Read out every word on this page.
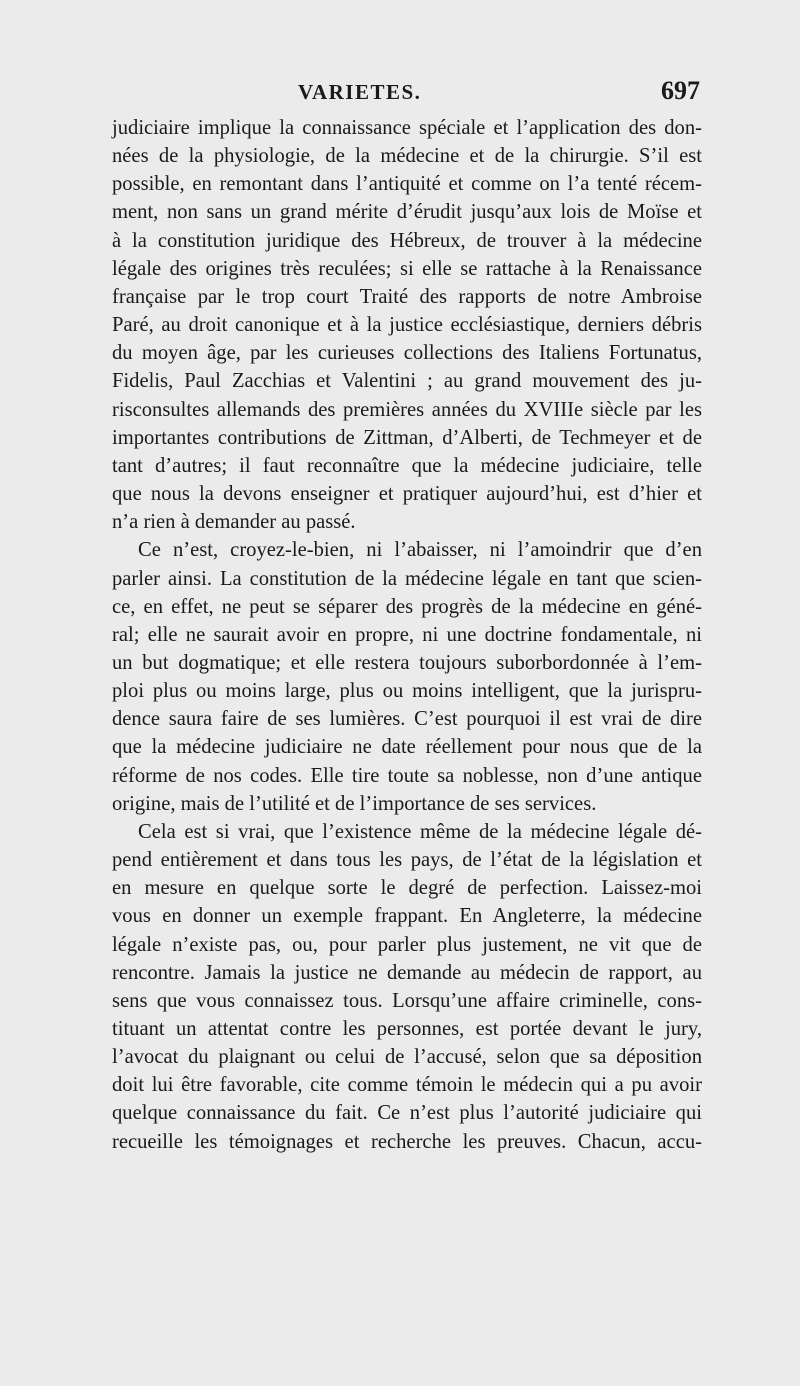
VARIETES.	697
judiciaire implique la connaissance spéciale et l’application des don-
nées de la physiologie, de la médecine et de la chirurgie. S’il est
possible, en remontant dans l’antiquité et comme on l’a tenté récem-
ment, non sans un grand mérite d’érudit jusqu’aux lois de Moïse et
à la constitution juridique des Hébreux, de trouver à la médecine
légale des origines très reculées; si elle se rattache à la Renaissance
française par le trop court Traité des rapports de notre Ambroise
Paré, au droit canonique et à la justice ecclésiastique, derniers débris
du moyen âge, par les curieuses collections des Italiens Fortunatus,
Fidelis, Paul Zacchias et Valentini ; au grand mouvement des ju-
risconsultes allemands des premières années du XVIIIe siècle par les
importantes contributions de Zittman, d’Alberti, de Techmeyer et de
tant d’autres; il faut reconnaître que la médecine judiciaire, telle
que nous la devons enseigner et pratiquer aujourd’hui, est d’hier et
n’a rien à demander au passé.
Ce n’est, croyez-le-bien, ni l’abaisser, ni l’amoindrir que d’en
parler ainsi. La constitution de la médecine légale en tant que scien-
ce, en effet, ne peut se séparer des progrès de la médecine en géné-
ral; elle ne saurait avoir en propre, ni une doctrine fondamentale, ni
un but dogmatique; et elle restera toujours suborbordonnée à l’em-
ploi plus ou moins large, plus ou moins intelligent, que la jurispru-
dence saura faire de ses lumières. C’est pourquoi il est vrai de dire
que la médecine judiciaire ne date réellement pour nous que de la
réforme de nos codes. Elle tire toute sa noblesse, non d’une antique
origine, mais de l’utilité et de l’importance de ses services.
Cela est si vrai, que l’existence même de la médecine légale dé-
pend entièrement et dans tous les pays, de l’état de la législation et
en mesure en quelque sorte le degré de perfection. Laissez-moi
vous en donner un exemple frappant. En Angleterre, la médecine
légale n’existe pas, ou, pour parler plus justement, ne vit que de
rencontre. Jamais la justice ne demande au médecin de rapport, au
sens que vous connaissez tous. Lorsqu’une affaire criminelle, cons-
tituant un attentat contre les personnes, est portée devant le jury,
l’avocat du plaignant ou celui de l’accusé, selon que sa déposition
doit lui être favorable, cite comme témoin le médecin qui a pu avoir
quelque connaissance du fait. Ce n’est plus l’autorité judiciaire qui
recueille les témoignages et recherche les preuves. Chacun, accu-
